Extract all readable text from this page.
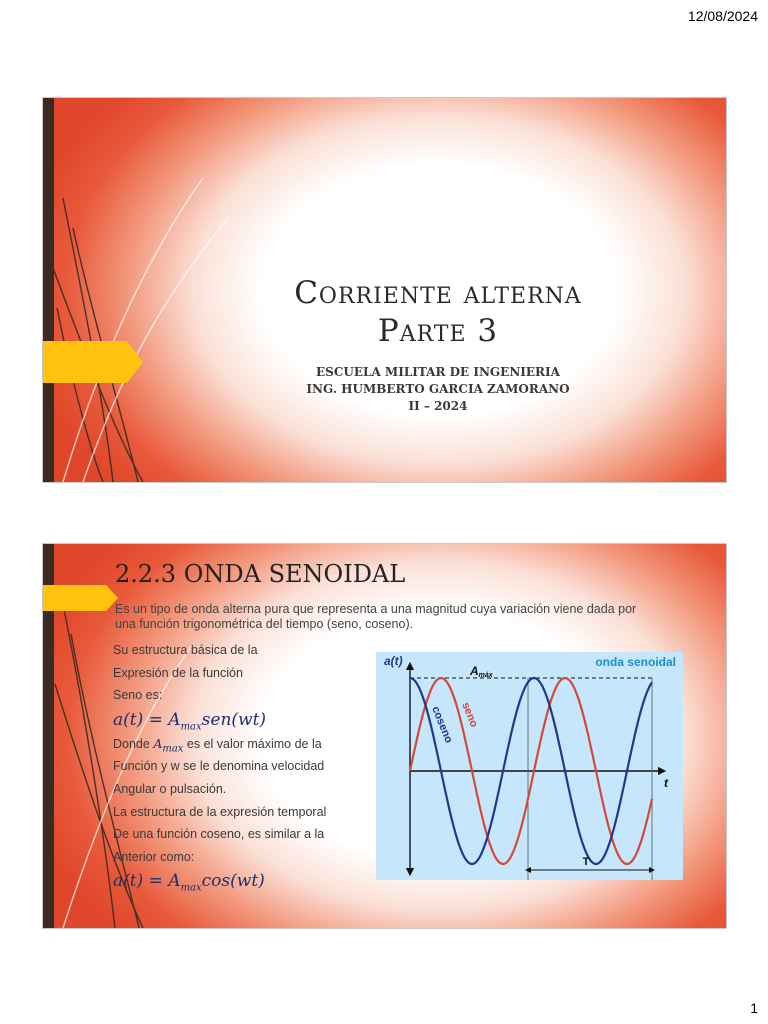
12/08/2024
Corriente alterna
Parte 3
ESCUELA MILITAR DE INGENIERIA
ING. HUMBERTO GARCIA ZAMORANO
II – 2024
2.2.3 ONDA SENOIDAL
Es un tipo de onda alterna pura que representa a una magnitud cuya variación viene dada por una función trigonométrica del tiempo (seno, coseno).
Su estructura básica de la
Expresión de la función
Seno es:
$a(t) = A_{max}sen(wt)$
Donde $A_{max}$ es el valor máximo de la
Función y w se le denomina velocidad
Angular o pulsación.
La estructura de la expresión temporal
De una función coseno, es similar a la
Anterior como:
$a(t) = A_{max}\cos(wt)$
a(t)
t
onda senoidal
Amáx
seno
coseno
T
1
